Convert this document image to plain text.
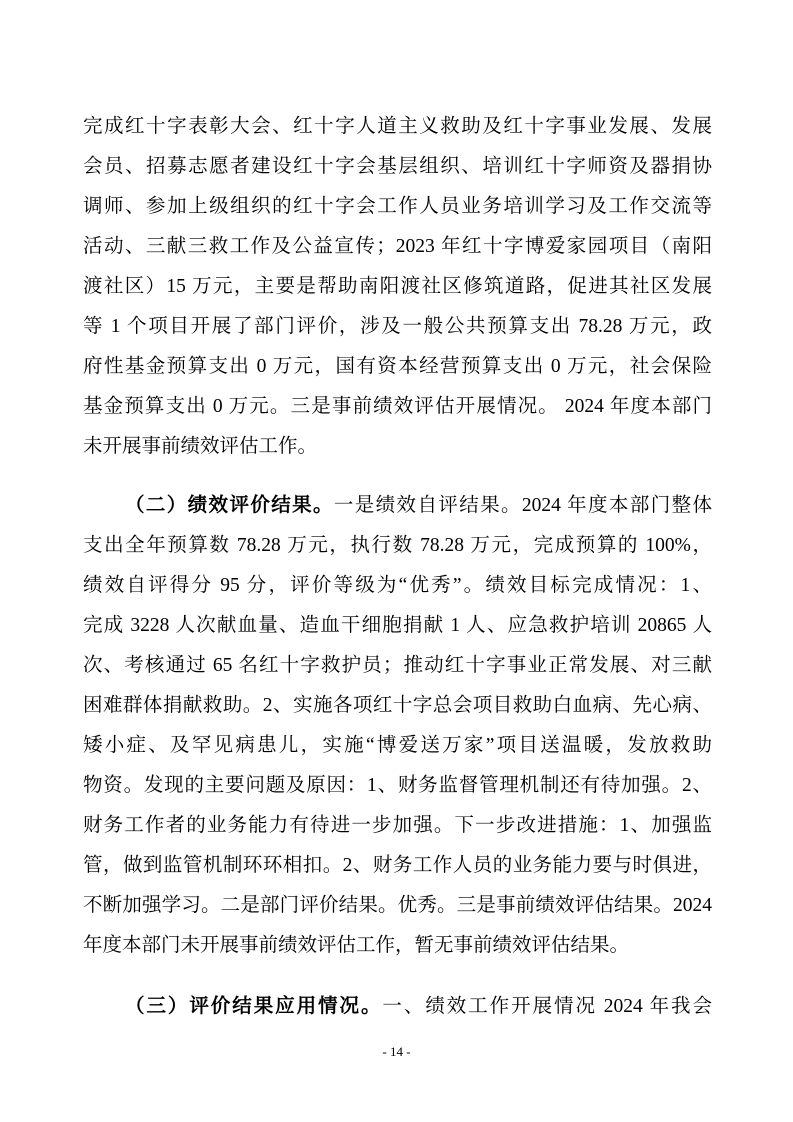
完成红十字表彰大会、红十字人道主义救助及红十字事业发展、发展
会员、招募志愿者建设红十字会基层组织、培训红十字师资及器捐协
调师、参加上级组织的红十字会工作人员业务培训学习及工作交流等
活动、三献三救工作及公益宣传；2023 年红十字博爱家园项目（南阳
渡社区）15 万元，主要是帮助南阳渡社区修筑道路，促进其社区发展
等 1 个项目开展了部门评价，涉及一般公共预算支出 78.28 万元，政
府性基金预算支出 0 万元，国有资本经营预算支出 0 万元，社会保险
基金预算支出 0 万元。三是事前绩效评估开展情况。 2024 年度本部门
未开展事前绩效评估工作。
（二）绩效评价结果。一是绩效自评结果。2024 年度本部门整体
支出全年预算数 78.28 万元，执行数 78.28 万元，完成预算的 100%，
绩效自评得分 95 分，评价等级为“优秀”。绩效目标完成情况：1、
完成 3228 人次献血量、造血干细胞捐献 1 人、应急救护培训 20865 人
次、考核通过 65 名红十字救护员；推动红十字事业正常发展、对三献
困难群体捐献救助。2、实施各项红十字总会项目救助白血病、先心病、
矮小症、及罕见病患儿，实施“博爱送万家”项目送温暖，发放救助
物资。发现的主要问题及原因：1、财务监督管理机制还有待加强。2、
财务工作者的业务能力有待进一步加强。下一步改进措施：1、加强监
管，做到监管机制环环相扣。2、财务工作人员的业务能力要与时俱进，
不断加强学习。二是部门评价结果。优秀。三是事前绩效评估结果。2024
年度本部门未开展事前绩效评估工作，暂无事前绩效评估结果。
（三）评价结果应用情况。一、绩效工作开展情况 2024 年我会
- 14 -
